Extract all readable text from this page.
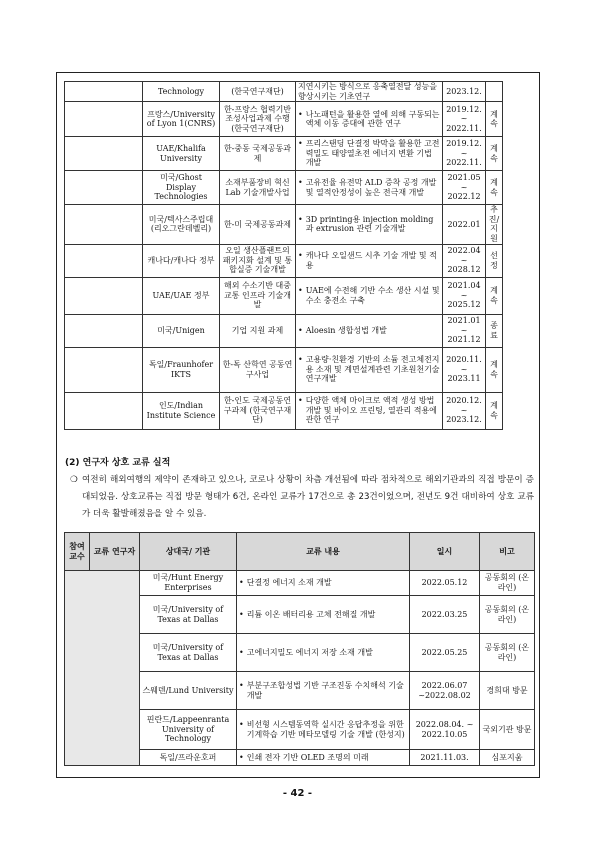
	Technology	(한국연구재단)	지연시키는 방식으로 응축열전달 성능을 향상시키는 기초연구	2023.12.	
	프랑스/University of Lyon 1(CNRS)	한-프랑스 협력기반 조성사업과제 수행 (한국연구재단)	• 나노패턴을 활용한 열에 의해 구동되는 액체 이동 증대에 관한 연구	2019.12. ~ 2022.11.	계속
	UAE/Khalifa University	한-중동 국제공동과제	• 프리스탠딩 단결정 박막을 활용한 고전력밀도 태양열초전 에너지 변환 기법 개발	2019.12. ~ 2022.11.	계속
	미국/Ghost Display Technologies	소재부품장비 혁신Lab 기술개발사업	• 고유전율 유전막 ALD 증착 공정 개발 및 열적안정성이 높은 전극재 개발	2021.05 ~ 2022.12	계속
	미국/텍사스주립대(리오그란데벨리)	한-미 국제공동과제	• 3D printing용 injection molding과 extrusion 관련 기술개발	2022.01	추진/지원
	캐나다/캐나다 정부	오일 생산플랜트의 패키지화 설계 및 통합실증 기술개발	• 캐나다 오일샌드 시추 기술 개발 및 적용	2022.04 ~ 2028.12	선정
	UAE/UAE 정부	해외 수소기반 대중교통 인프라 기술개발	• UAE에 수전해 기반 수소 생산 시설 및 수소 충전소 구축	2021.04 ~ 2025.12	계속
	미국/Unigen	기업 지원 과제	• Aloesin 생합성법 개발	2021.01 ~ 2021.12	종료
	독일/Fraunhofer IKTS	한-독 산학연 공동연구사업	• 고용량·친환경 기반의 소듐 전고체전지용 소재 및 계면설계관련 기초원천기술 연구개발	2020.11. ~ 2023.11	계속
	인도/Indian Institute Science	한-인도 국제공동연구과제 (한국연구재단)	• 다양한 액체 마이크로 액적 생성 방법 개발 및 바이오 프린팅, 열관리 적용에 관한 연구	2020.12. ~ 2023.12.	계속
(2) 연구자 상호 교류 실적
❍ 여전히 해외여행의 제약이 존재하고 있으나, 코로나 상황이 차츰 개선됨에 따라 점차적으로 해외기관과의 직접 방문이 증대되었음. 상호교류는 직접 방문 형태가 6건, 온라인 교류가 17건으로 총 23건이었으며, 전년도 9건 대비하여 상호 교류가 더욱 활발해졌음을 알 수 있음.
참여교수	교류 연구자	상대국/ 기관	교류 내용	일시	비고
		미국/Hunt Energy Enterprises	• 단결정 에너지 소재 개발	2022.05.12	공동회의 (온라인)
		미국/University of Texas at Dallas	• 리튬 이온 배터리용 고체 전해질 개발	2022.03.25	공동회의 (온라인)
		미국/University of Texas at Dallas	• 고에너지밀도 에너지 저장 소재 개발	2022.05.25	공동회의 (온라인)
		스웨덴/Lund University	• 부분구조합성법 기반 구조진동 수치해석 기술 개발	2022.06.07 ~2022.08.02	경희대 방문
		핀란드/Lappeenranta University of Technology	• 비선형 시스템동역학 실시간 응답추정을 위한 기계학습 기반 메타모델링 기술 개발 (한성지)	2022.08.04. ~ 2022.10.05	국외기관 방문
		독일/프라운호퍼	• 인쇄 전자 기반 OLED 조명의 미래	2021.11.03.	심포지움
- 42 -
